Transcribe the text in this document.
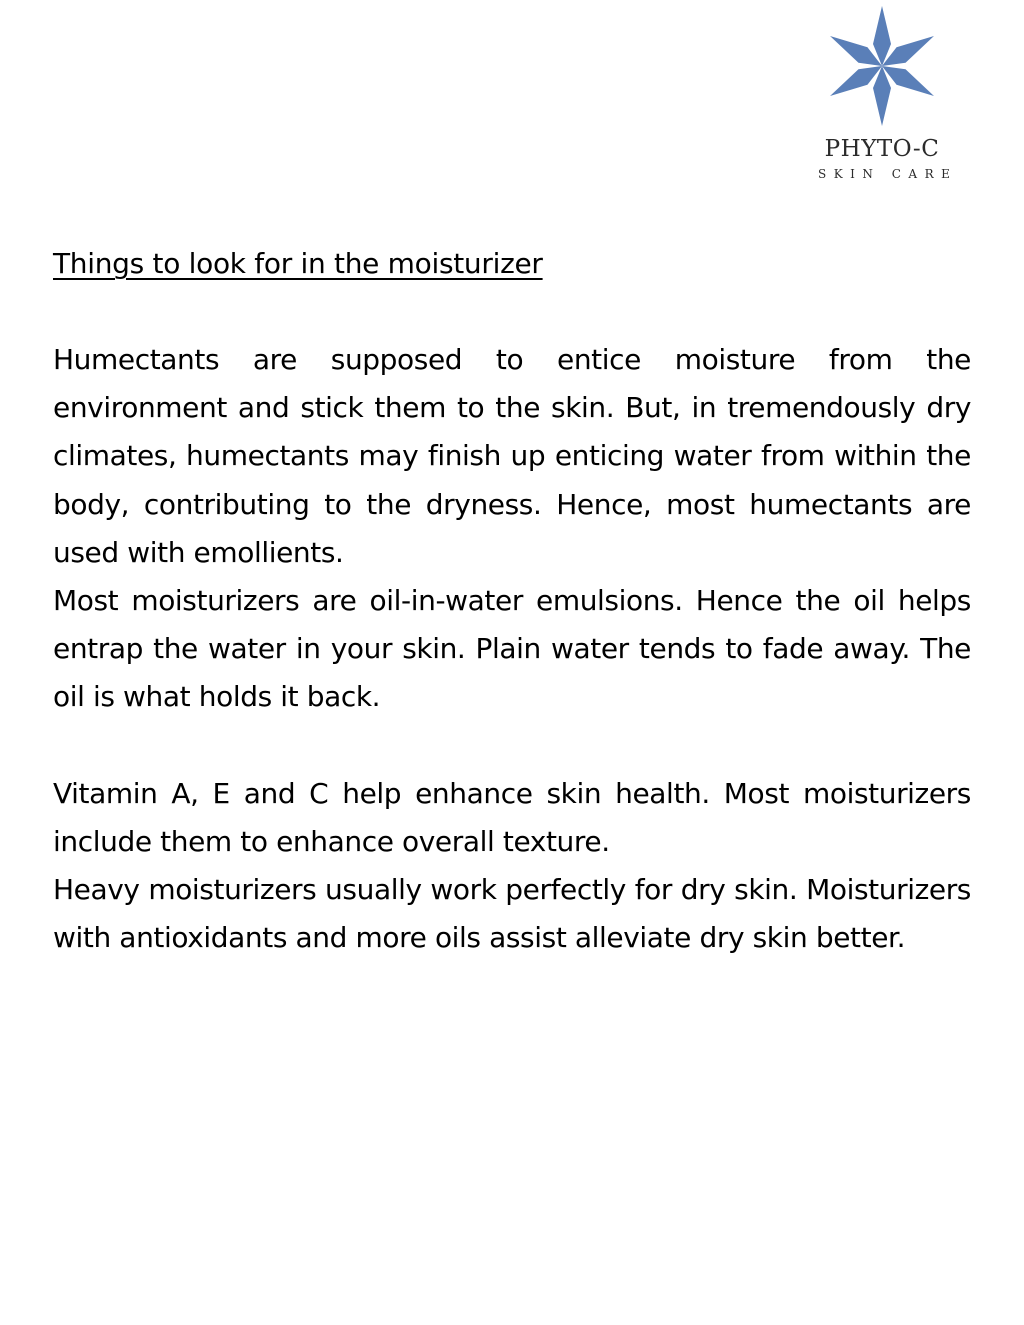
PHYTO-C
SKIN CARE
Things to look for in the moisturizer

Humectants are supposed to entice moisture from the environment and stick them to the skin. But, in tremendously dry climates, humectants may finish up enticing water from within the body, contributing to the dryness. Hence, most humectants are used with emollients.

Most moisturizers are oil-in-water emulsions. Hence the oil helps entrap the water in your skin. Plain water tends to fade away. The oil is what holds it back.

Vitamin A, E and C help enhance skin health. Most moisturizers include them to enhance overall texture.

Heavy moisturizers usually work perfectly for dry skin. Moisturizers with antioxidants and more oils assist alleviate dry skin better.
